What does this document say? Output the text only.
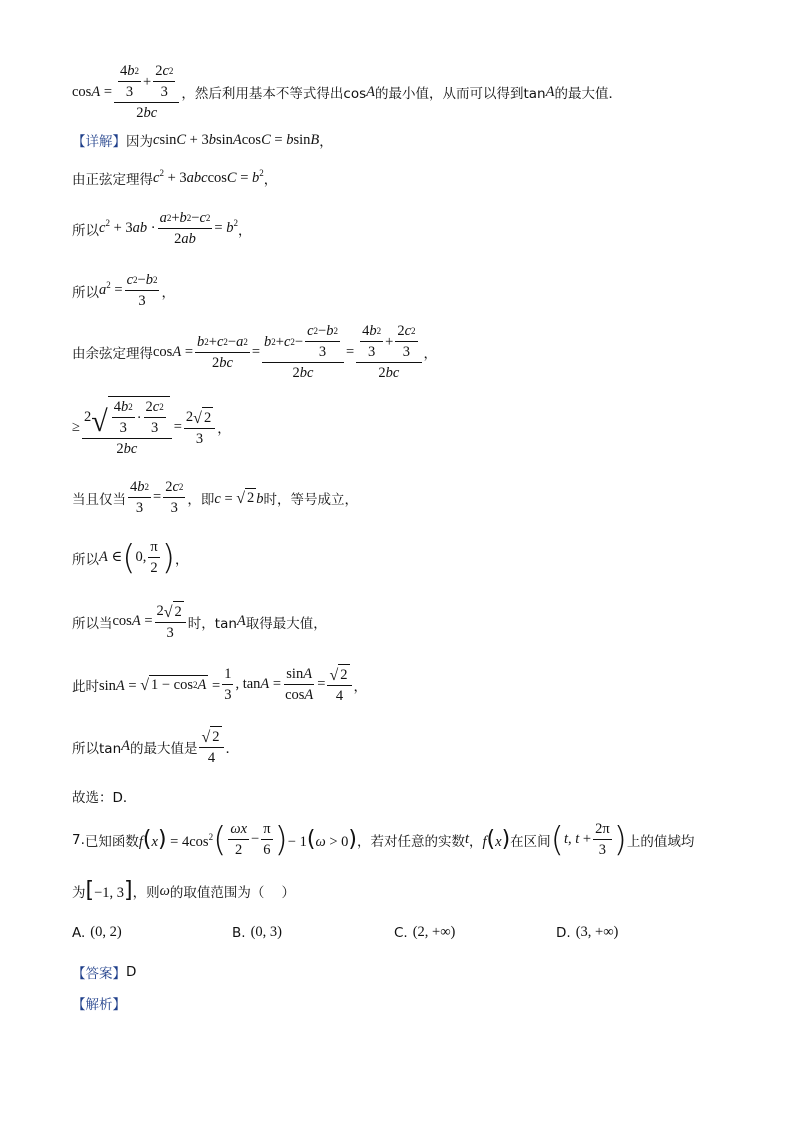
cosA = 4 b 2
3
+
2 c 2
3
2 bc ，然后利用基本不等式得出cos A 的最小值，从而可以得到tan A 的最大值．
【详解】 因为 csinC + 3bsinAcosC = bsinB ，
由正弦定理得 $c^2 + 3abccosC = b^2$ ，
所以 $c^2 + 3ab \cdot \frac{a 2 + b 2 - c 2}{2 ab} = b^2$ ，
所以 $a^2 = \frac{c 2 - b 2}{3}$ ，
由余弦定理得 $\cos A = \frac{b 2 + c 2 - a 2}{2 bc} = b$ 2 + c 2 −
c 2 − b 2
3
2 bc = 4 b 2
3
+
2 c 2
3
2 bc ，
≥ 2 √ 4 b 2
3
·
2 c 2
3
2 bc = $\frac{2 √ 2}{3}$ ，
当且仅当 $\frac{4 b 2}{3} = \frac{2 c 2}{3}$ ，即 c = √ 2 b 时，等号成立，
所以 A ∈ ( 0,
π
2 ) ，
所以当 $\cos A = \frac{2 √ 2}{3}$ 时，tan A 取得最大值，
此时 sinA = √ 1 − cos 2 $A = \frac{1}{3}$ , $\tan A = \frac{\text{sin A}}{\text{cos A}} = \frac{√ 2}{4}$ ，
所以tan A 的最大值是
√ 2
4
．
故选：D．
7. 已知函数 $f(x) = 4\cos^2$ ( ωx
2
− $\frac{\pi}{6}$ ) − 1(ω > 0) ，若对任意的实数 t ， f(x) 在区间 ( t, $t + \frac{2\pi}{3}$ ) 上的值域均
为 [−1, 3] ，则 ω 的取值范围为（    ）
A. (0, 2)	B. (0, 3)	C. (2, +∞)	D. (3, +∞)
【答案】 D
【解析】
